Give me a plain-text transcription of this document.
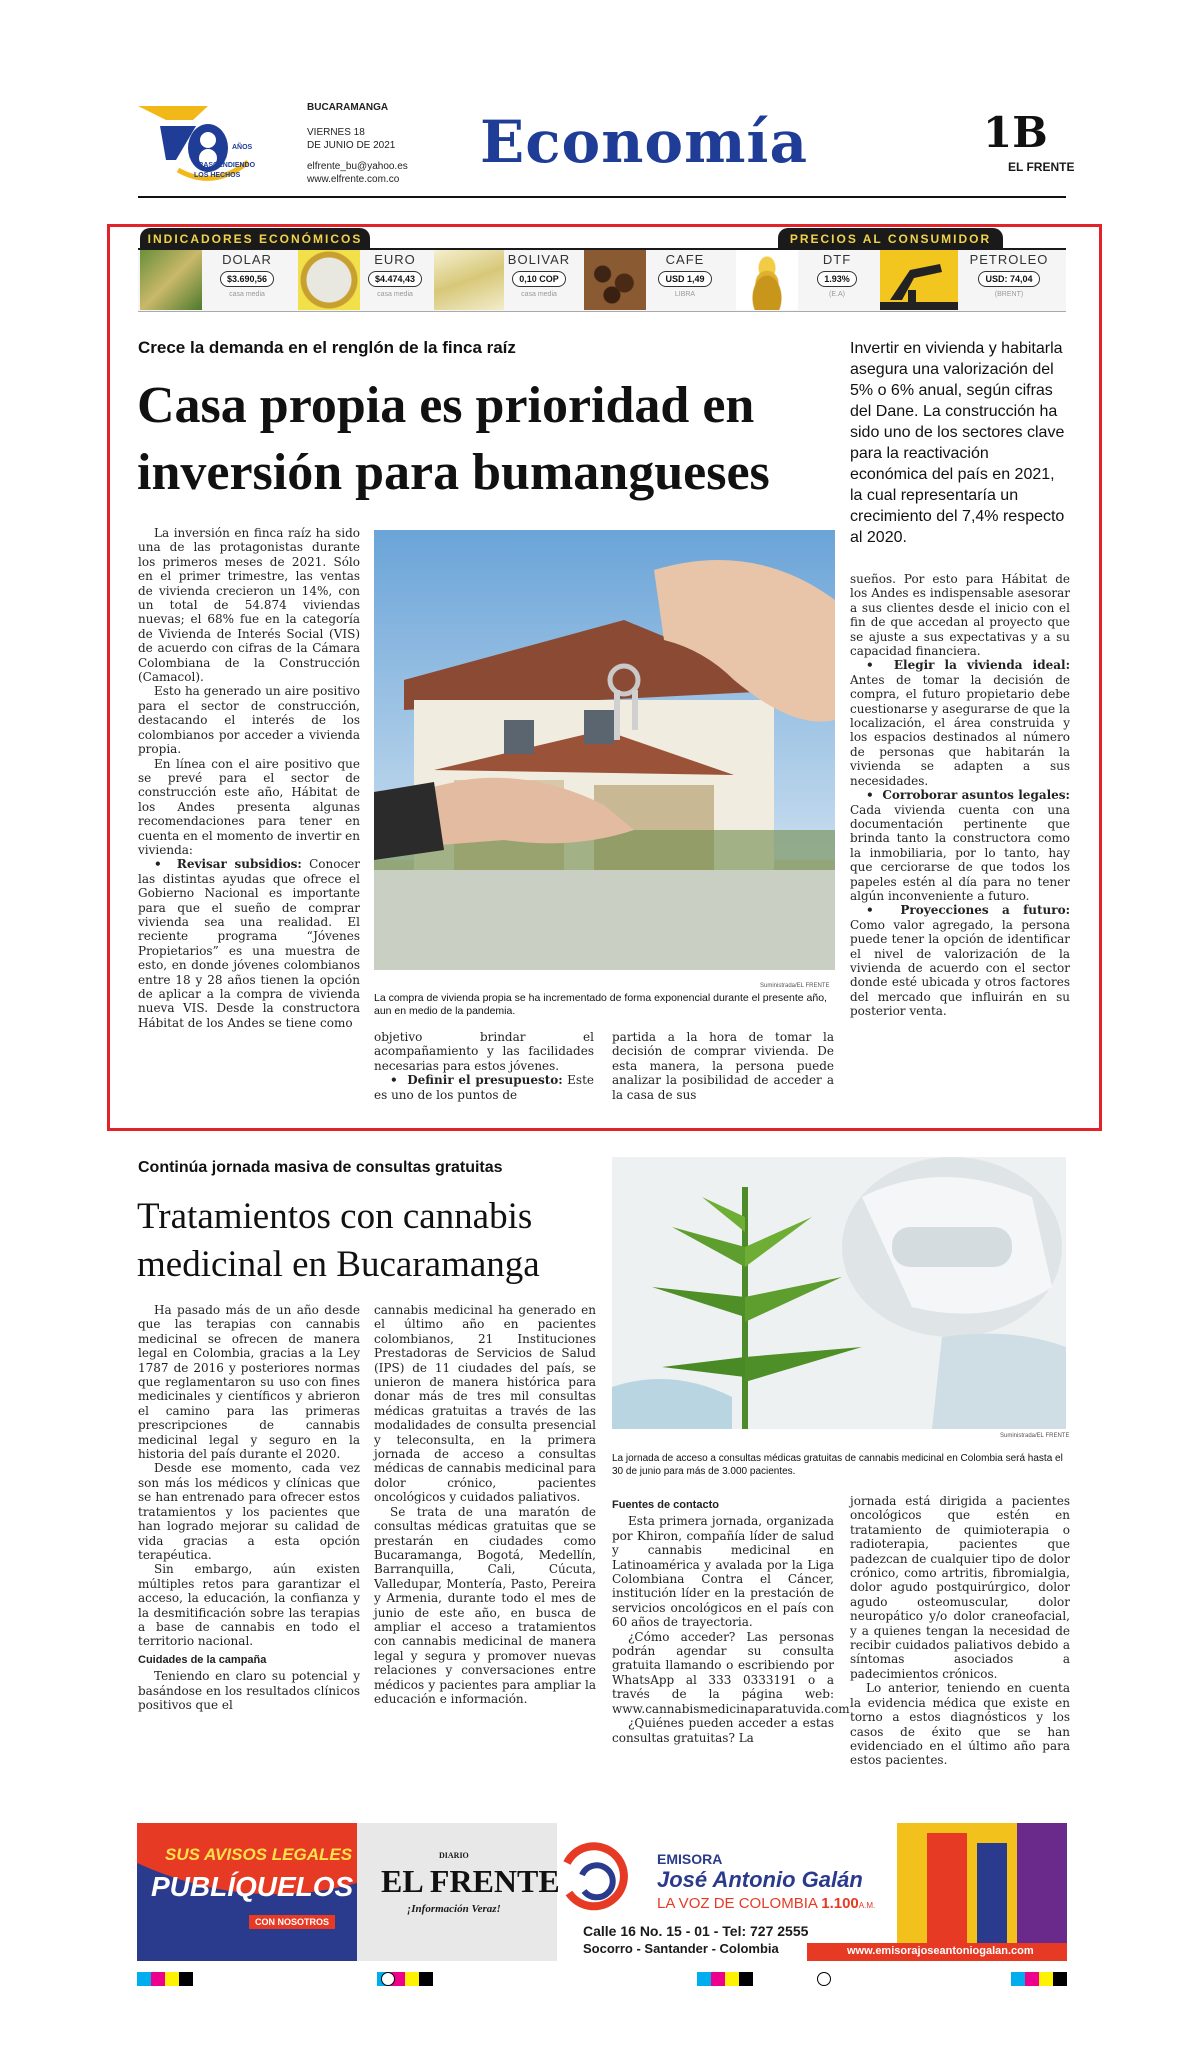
AÑOS
TRASCENDIENDO
LOS HECHOS
BUCARAMANGA
VIERNES 18
DE JUNIO DE 2021
elfrente_bu@yahoo.es
www.elfrente.com.co
Economía	1B
EL FRENTE
INDICADORES ECONÓMICOS	PRECIOS AL CONSUMIDOR
DOLAR
$3.690,56
casa media
EURO
$4.474,43
casa media
BOLIVAR
0,10 COP
casa media
CAFE
USD 1,49
LIBRA
DTF
1.93%
(E.A)
PETROLEO
USD: 74,04
(BRENT)
Crece la demanda en el renglón de la finca raíz
Casa propia es prioridad en
inversión para bumangueses
Invertir en vivienda y habitarla asegura una valorización del 5% o 6% anual, según cifras del Dane. La construcción ha sido uno de los sectores clave para la reactivación económica del país en 2021, la cual representaría un crecimiento del 7,4% respecto al 2020.

La inversión en finca raíz ha sido una de las protagonistas durante los primeros meses de 2021. Sólo en el primer trimestre, las ventas de vivienda crecieron un 14%, con un total de 54.874 viviendas nuevas; el 68% fue en la categoría de Vivienda de Interés Social (VIS) de acuerdo con cifras de la Cámara Colombiana de la Construcción (Camacol).

Esto ha generado un aire positivo para el sector de construcción, destacando el interés de los colombianos por acceder a vivienda propia.

En línea con el aire positivo que se prevé para el sector de construcción este año, Hábitat de los Andes presenta algunas recomendaciones para tener en cuenta en el momento de invertir en vivienda:

•  Revisar subsidios: Conocer las distintas ayudas que ofrece el Gobierno Nacional es importante para que el sueño de comprar vivienda sea una realidad. El reciente programa “Jóvenes Propietarios” es una muestra de esto, en donde jóvenes colombianos entre 18 y 28 años tienen la opción de aplicar a la compra de vivienda nueva VIS. Desde la constructora Hábitat de los Andes se tiene como

Suministrada/EL FRENTE
La compra de vivienda propia se ha incrementado de forma exponencial durante el presente año, aun en medio de la pandemia.

objetivo brindar el acompañamiento y las facilidades necesarias para estos jóvenes.

•  Definir el presupuesto: Este es uno de los puntos de

partida a la hora de tomar la decisión de comprar vivienda. De esta manera, la persona puede analizar la posibilidad de acceder a la casa de sus

sueños. Por esto para Hábitat de los Andes es indispensable asesorar a sus clientes desde el inicio con el fin de que accedan al proyecto que se ajuste a sus expectativas y a su capacidad financiera.

•  Elegir la vivienda ideal: Antes de tomar la decisión de compra, el futuro propietario debe cuestionarse y asegurarse de que la localización, el área construida y los espacios destinados al número de personas que habitarán la vivienda se adapten a sus necesidades.

•  Corroborar asuntos legales: Cada vivienda cuenta con una documentación pertinente que brinda tanto la constructora como la inmobiliaria, por lo tanto, hay que cerciorarse de que todos los papeles estén al día para no tener algún inconveniente a futuro.

•  Proyecciones a futuro: Como valor agregado, la persona puede tener la opción de identificar el nivel de valorización de la vivienda de acuerdo con el sector donde esté ubicada y otros factores del mercado que influirán en su posterior venta.

Continúa jornada masiva de consultas gratuitas
Tratamientos con cannabis
medicinal en Bucaramanga

Ha pasado más de un año desde que las terapias con cannabis medicinal se ofrecen de manera legal en Colombia, gracias a la Ley 1787 de 2016 y posteriores normas que reglamentaron su uso con fines medicinales y científicos y abrieron el camino para las primeras prescripciones de cannabis medicinal legal y seguro en la historia del país durante el 2020.

Desde ese momento, cada vez son más los médicos y clínicas que se han entrenado para ofrecer estos tratamientos y los pacientes que han logrado mejorar su calidad de vida gracias a esta opción terapéutica.

Sin embargo, aún existen múltiples retos para garantizar el acceso, la educación, la confianza y la desmitificación sobre las terapias a base de cannabis en todo el territorio nacional.

Cuidades de la campaña

Teniendo en claro su potencial y basándose en los resultados clínicos positivos que el

cannabis medicinal ha generado en el último año en pacientes colombianos, 21 Instituciones Prestadoras de Servicios de Salud (IPS) de 11 ciudades del país, se unieron de manera histórica para donar más de tres mil consultas médicas gratuitas a través de las modalidades de consulta presencial y teleconsulta, en la primera jornada de acceso a consultas médicas de cannabis medicinal para dolor crónico, pacientes oncológicos y cuidados paliativos.

Se trata de una maratón de consultas médicas gratuitas que se prestarán en ciudades como Bucaramanga, Bogotá, Medellín, Barranquilla, Cali, Cúcuta, Valledupar, Montería, Pasto, Pereira y Armenia, durante todo el mes de junio de este año, en busca de ampliar el acceso a tratamientos con cannabis medicinal de manera legal y segura y promover nuevas relaciones y conversaciones entre médicos y pacientes para ampliar la educación e información.

Suministrada/EL FRENTE
La jornada de acceso a consultas médicas gratuitas de cannabis medicinal en Colombia será hasta el 30 de junio para más de 3.000 pacientes.
Fuentes de contacto

Esta primera jornada, organizada por Khiron, compañía líder de salud y cannabis medicinal en Latinoamérica y avalada por la Liga Colombiana Contra el Cáncer, institución líder en la prestación de servicios oncológicos en el país con 60 años de trayectoria.

¿Cómo acceder? Las personas podrán agendar su consulta gratuita llamando o escribiendo por WhatsApp al 333 0333191 o a través de la página web: www.cannabismedicinaparatuvida.com

¿Quiénes pueden acceder a estas consultas gratuitas? La

jornada está dirigida a pacientes oncológicos que estén en tratamiento de quimioterapia o radioterapia, pacientes que padezcan de cualquier tipo de dolor crónico, como artritis, fibromialgia, dolor agudo postquirúrgico, dolor agudo osteomuscular, dolor neuropático y/o dolor craneofacial, y a quienes tengan la necesidad de recibir cuidados paliativos debido a síntomas asociados a padecimientos crónicos.

Lo anterior, teniendo en cuenta la evidencia médica que existe en torno a estos diagnósticos y los casos de éxito que se han evidenciado en el último año para estos pacientes.

SUS AVISOS LEGALES
PUBLÍQUELOS
CON NOSOTROS
DIARIO
EL FRENTE
¡Información Veraz!
EMISORA
José Antonio Galán
LA VOZ DE COLOMBIA 1.100A.M.
Calle 16 No. 15 - 01 - Tel: 727 2555
Socorro - Santander - Colombia	www.emisorajoseantoniogalan.com
